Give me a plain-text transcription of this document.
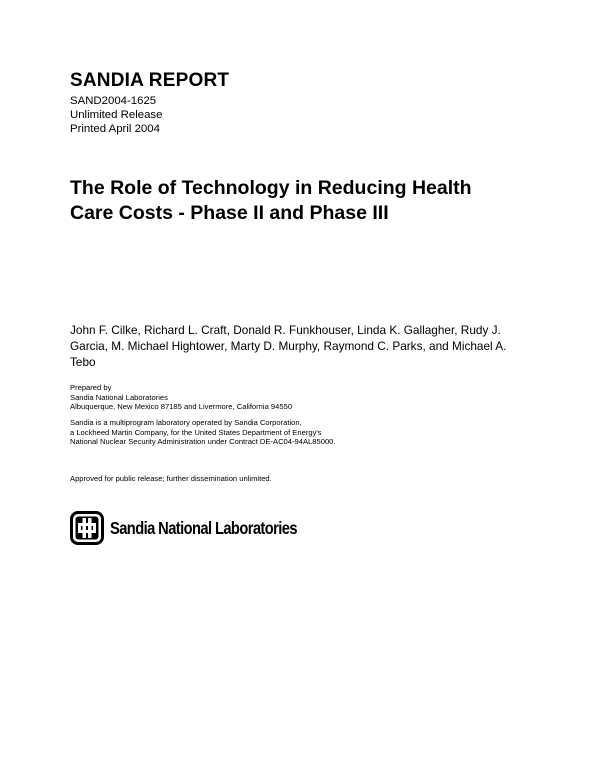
SANDIA REPORT
SAND2004-1625
Unlimited Release
Printed April 2004
The Role of Technology in Reducing Health
Care Costs - Phase II and Phase III
John F. Cilke, Richard L. Craft, Donald R. Funkhouser, Linda K. Gallagher, Rudy J.
Garcia, M. Michael Hightower, Marty D. Murphy, Raymond C. Parks, and Michael A.
Tebo
Prepared by
Sandia National Laboratories
Albuquerque, New Mexico 87185 and Livermore, California 94550
Sandia is a multiprogram laboratory operated by Sandia Corporation,
a Lockheed Martin Company, for the United States Department of Energy's
National Nuclear Security Administration under Contract DE-AC04-94AL85000.
Approved for public release; further dissemination unlimited.
Sandia National Laboratories
